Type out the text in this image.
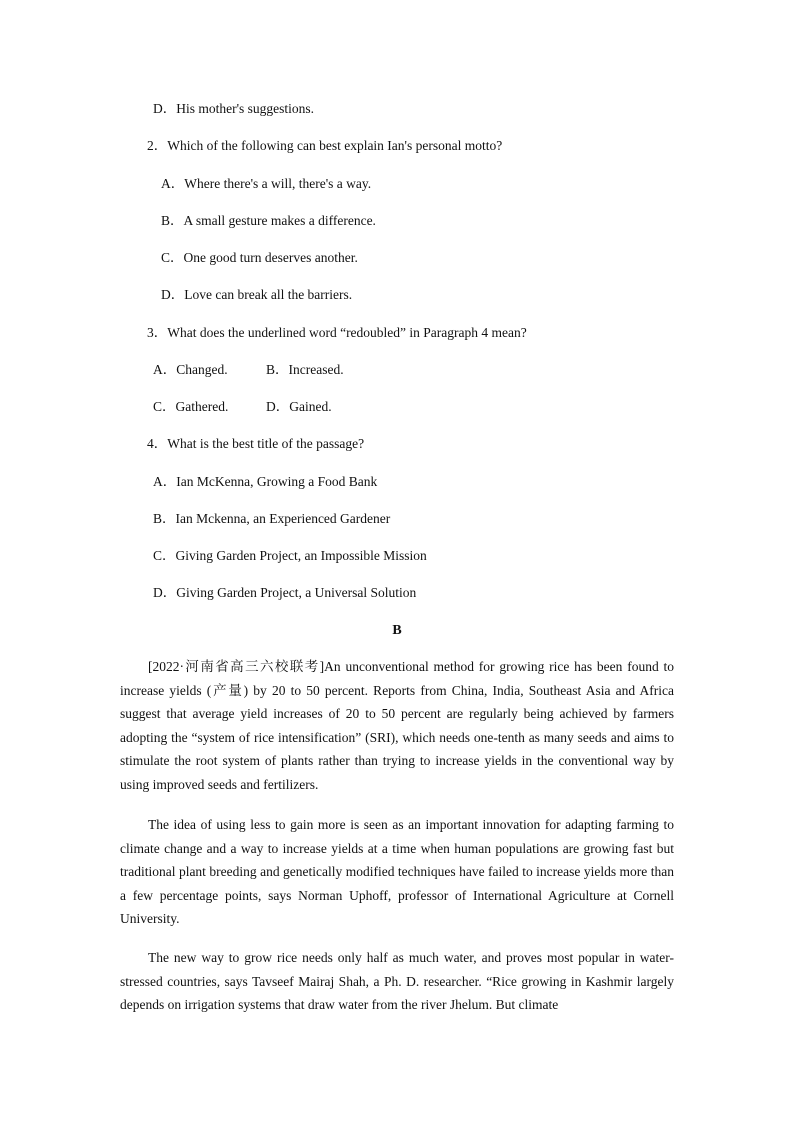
D．His mother's suggestions.
2．Which of the following can best explain Ian's personal motto?
A．Where there's a will, there's a way.
B．A small gesture makes a difference.
C．One good turn deserves another.
D．Love can break all the barriers.
3．What does the underlined word “redoubled” in Paragraph 4 mean?
A．Changed.	B．Increased.
C．Gathered.	D．Gained.
4．What is the best title of the passage?
A．Ian McKenna, Growing a Food Bank
B．Ian Mckenna, an Experienced Gardener
C．Giving Garden Project, an Impossible Mission
D．Giving Garden Project, a Universal Solution
B
[2022·河南省高三六校联考]An unconventional method for growing rice has been found to increase yields (产量) by 20 to 50 percent. Reports from China, India, Southeast Asia and Africa suggest that average yield increases of 20 to 50 percent are regularly being achieved by farmers adopting the “system of rice intensification” (SRI), which needs one-tenth as many seeds and aims to stimulate the root system of plants rather than trying to increase yields in the conventional way by using improved seeds and fertilizers.
The idea of using less to gain more is seen as an important innovation for adapting farming to climate change and a way to increase yields at a time when human populations are growing fast but traditional plant breeding and genetically modified techniques have failed to increase yields more than a few percentage points, says Norman Uphoff, professor of International Agriculture at Cornell University.
The new way to grow rice needs only half as much water, and proves most popular in water-stressed countries, says Tavseef Mairaj Shah, a Ph. D. researcher. “Rice growing in Kashmir largely depends on irrigation systems that draw water from the river Jhelum. But climate
